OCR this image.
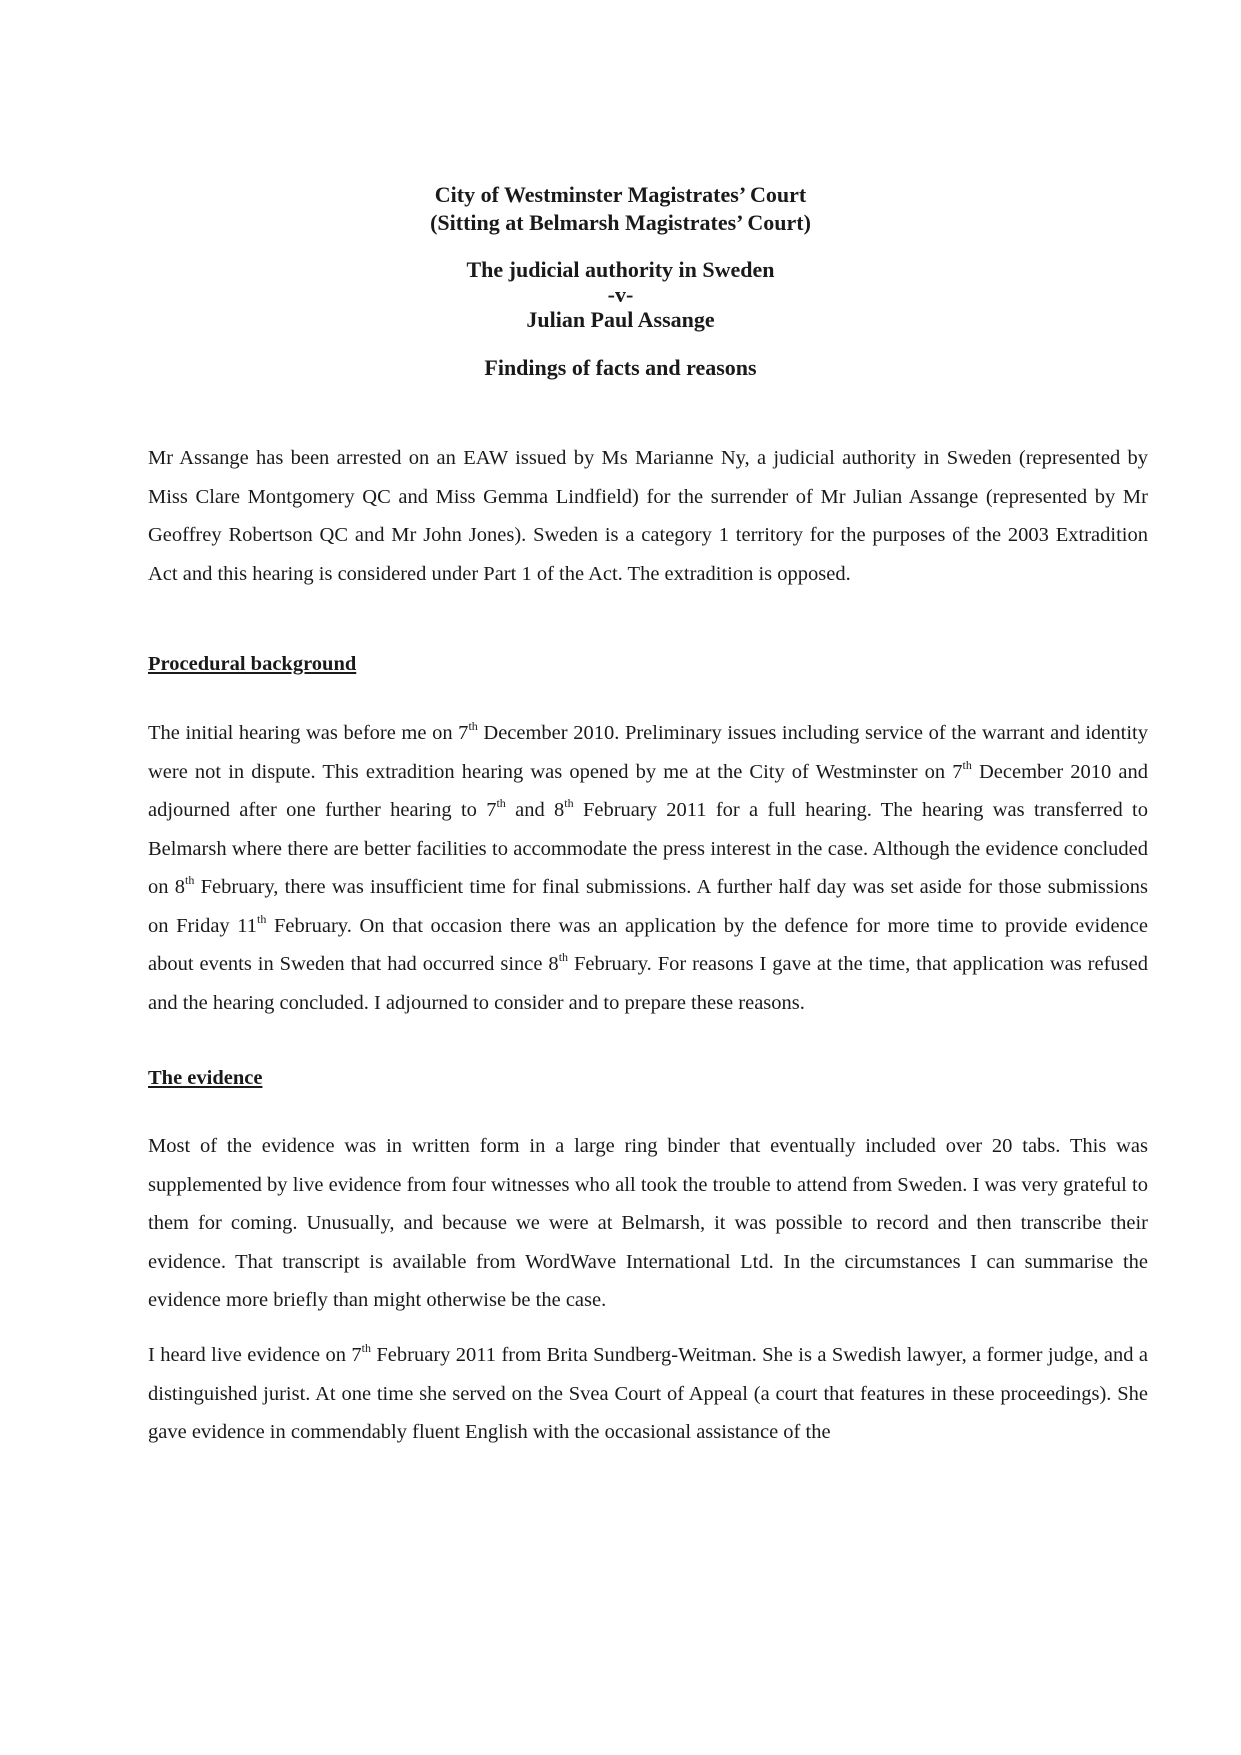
City of Westminster Magistrates’ Court
(Sitting at Belmarsh Magistrates’ Court)
The judicial authority in Sweden
-v-
Julian Paul Assange
Findings of facts and reasons

Mr Assange has been arrested on an EAW issued by Ms Marianne Ny, a judicial authority in Sweden (represented by Miss Clare Montgomery QC and Miss Gemma Lindfield) for the surrender of Mr Julian Assange (represented by Mr Geoffrey Robertson QC and Mr John Jones). Sweden is a category 1 territory for the purposes of the 2003 Extradition Act and this hearing is considered under Part 1 of the Act. The extradition is opposed.

Procedural background

The initial hearing was before me on 7th December 2010. Preliminary issues including service of the warrant and identity were not in dispute. This extradition hearing was opened by me at the City of Westminster on 7th December 2010 and adjourned after one further hearing to 7th and 8th February 2011 for a full hearing. The hearing was transferred to Belmarsh where there are better facilities to accommodate the press interest in the case. Although the evidence concluded on 8th February, there was insufficient time for final submissions. A further half day was set aside for those submissions on Friday 11th February. On that occasion there was an application by the defence for more time to provide evidence about events in Sweden that had occurred since 8th February. For reasons I gave at the time, that application was refused and the hearing concluded. I adjourned to consider and to prepare these reasons.

The evidence

Most of the evidence was in written form in a large ring binder that eventually included over 20 tabs. This was supplemented by live evidence from four witnesses who all took the trouble to attend from Sweden. I was very grateful to them for coming. Unusually, and because we were at Belmarsh, it was possible to record and then transcribe their evidence. That transcript is available from WordWave International Ltd. In the circumstances I can summarise the evidence more briefly than might otherwise be the case.

I heard live evidence on 7th February 2011 from Brita Sundberg-Weitman. She is a Swedish lawyer, a former judge, and a distinguished jurist. At one time she served on the Svea Court of Appeal (a court that features in these proceedings). She gave evidence in commendably fluent English with the occasional assistance of the
